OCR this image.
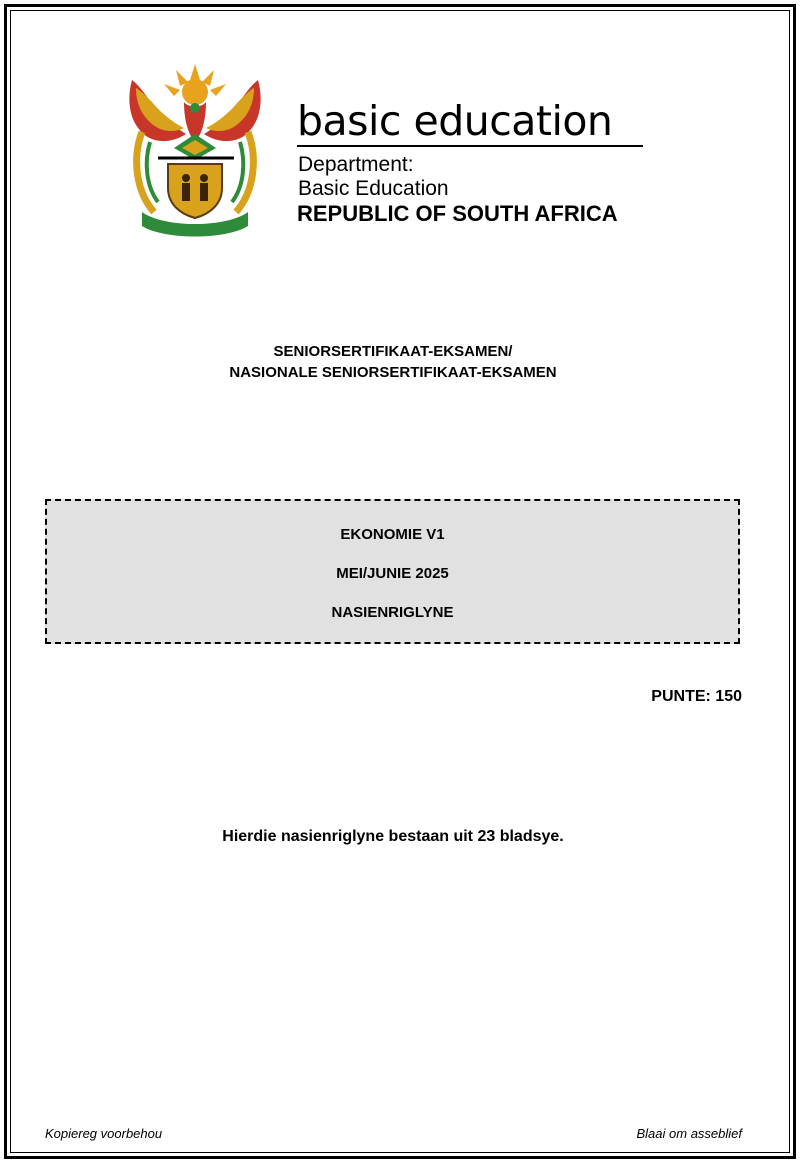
basic education
Department:
Basic Education
REPUBLIC OF SOUTH AFRICA
SENIORSERTIFIKAAT-EKSAMEN/
NASIONALE SENIORSERTIFIKAAT-EKSAMEN
EKONOMIE V1
MEI/JUNIE 2025
NASIENRIGLYNE
PUNTE: 150
Hierdie nasienriglyne bestaan uit 23 bladsye.
Kopiereg voorbehou	Blaai om asseblief
